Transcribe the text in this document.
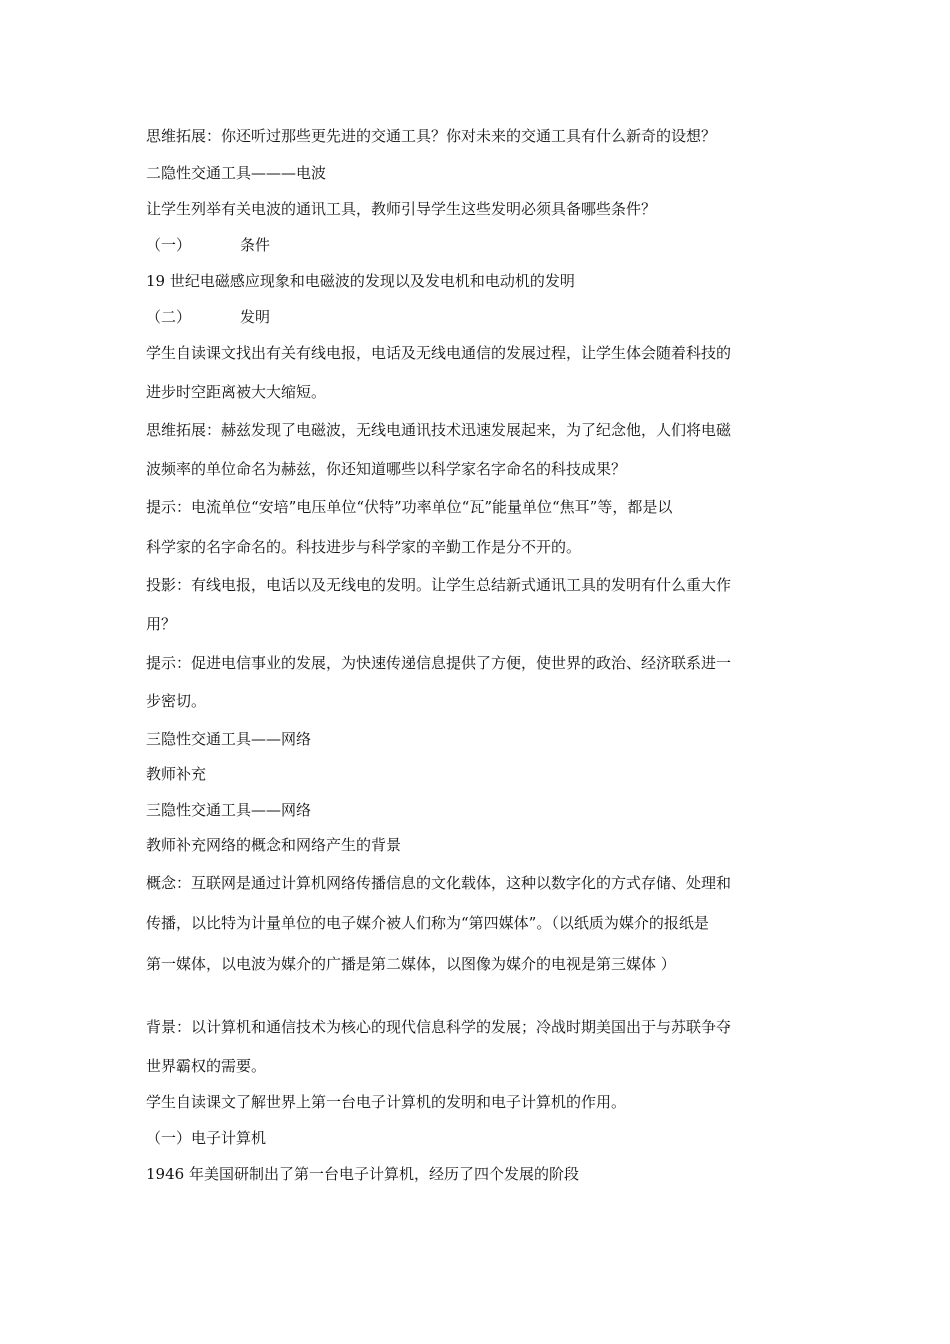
思维拓展：你还听过那些更先进的交通工具？你对未来的交通工具有什么新奇的设想？
二隐性交通工具———电波
让学生列举有关电波的通讯工具，教师引导学生这些发明必须具备哪些条件？
（一）	条件
19 世纪电磁感应现象和电磁波的发现以及发电机和电动机的发明
（二）	发明
学生自读课文找出有关有线电报，电话及无线电通信的发展过程，让学生体会随着科技的
进步时空距离被大大缩短。
思维拓展：赫兹发现了电磁波，无线电通讯技术迅速发展起来，为了纪念他，人们将电磁
波频率的单位命名为赫兹，你还知道哪些以科学家名字命名的科技成果？
提示：电流单位“安培”电压单位“伏特”功率单位“瓦”能量单位“焦耳”等，都是以
科学家的名字命名的。科技进步与科学家的辛勤工作是分不开的。
投影：有线电报，电话以及无线电的发明。让学生总结新式通讯工具的发明有什么重大作
用？
提示：促进电信事业的发展，为快速传递信息提供了方便，使世界的政治、经济联系进一
步密切。
三隐性交通工具——网络
教师补充
三隐性交通工具——网络
教师补充网络的概念和网络产生的背景
概念：互联网是通过计算机网络传播信息的文化载体，这种以数字化的方式存储、处理和
传播，以比特为计量单位的电子媒介被人们称为“第四媒体”。（以纸质为媒介的报纸是
第一媒体，以电波为媒介的广播是第二媒体，以图像为媒介的电视是第三媒体 ）
背景：以计算机和通信技术为核心的现代信息科学的发展；冷战时期美国出于与苏联争夺
世界霸权的需要。
学生自读课文了解世界上第一台电子计算机的发明和电子计算机的作用。
（一）电子计算机
1946 年美国研制出了第一台电子计算机，经历了四个发展的阶段
